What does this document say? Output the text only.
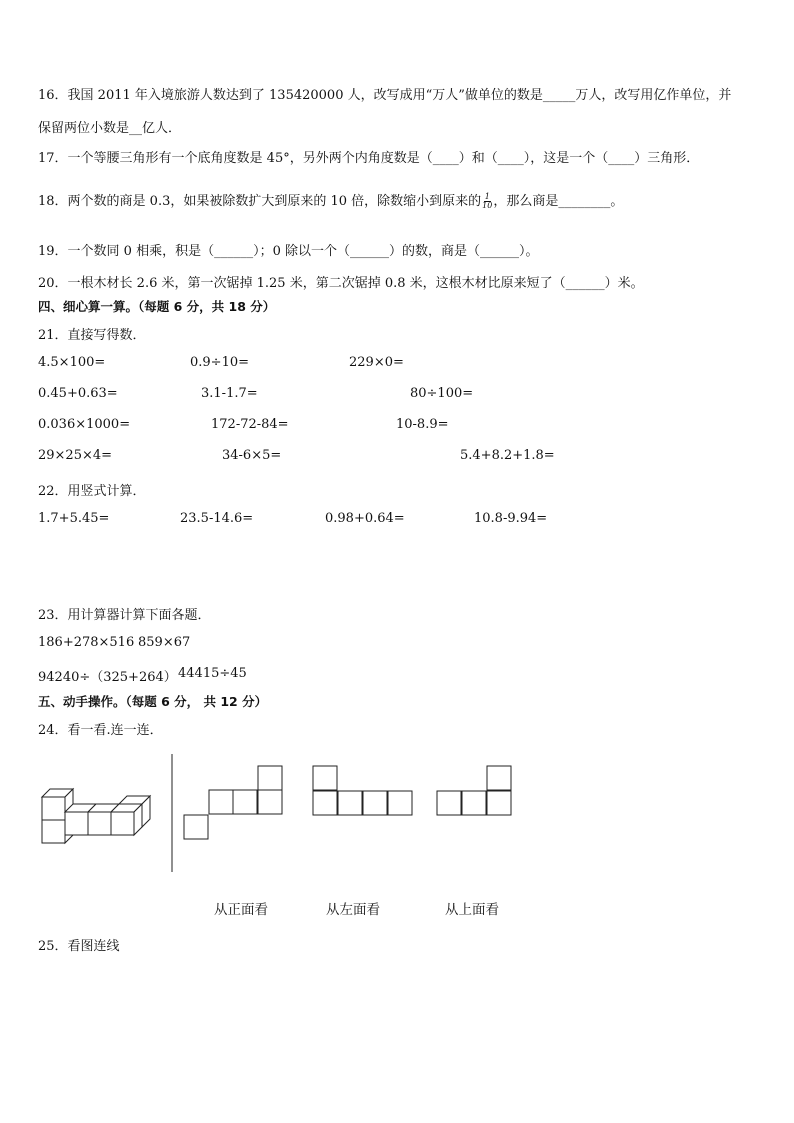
16．我国 2011 年入境旅游人数达到了 135420000 人，改写成用“万人”做单位的数是_____万人，改写用亿作单位，并
保留两位小数是__亿人．
17．一个等腰三角形有一个底角度数是 45°，另外两个内角度数是（____）和（____），这是一个（____）三角形．
18．两个数的商是 0.3，如果被除数扩大到原来的 10 倍，除数缩小到原来的 $\frac{1}{10}$ ，那么商是________。
19．一个数同 0 相乘，积是（______）；0 除以一个（______）的数，商是（______）。
20．一根木材长 2.6 米，第一次锯掉 1.25 米，第二次锯掉 0.8 米，这根木材比原来短了（______）米。
四、细心算一算。（每题 6 分，共 18 分）
21．直接写得数．
4.5×100=	0.9÷10=	229×0=
0.45+0.63=	3.1-1.7=	80÷100=
0.036×1000=	172-72-84=	10-8.9=
29×25×4=	34-6×5=	5.4+8.2+1.8=
22．用竖式计算．
1.7+5.45=	23.5-14.6=	0.98+0.64=	10.8-9.94=
23．用计算器计算下面各题．
186+278×516 859×67
94240÷（325+264） 44415÷45
五、动手操作。（每题 6 分， 共 12 分）
24．看一看.连一连．
从正面看	从左面看	从上面看
25．看图连线
